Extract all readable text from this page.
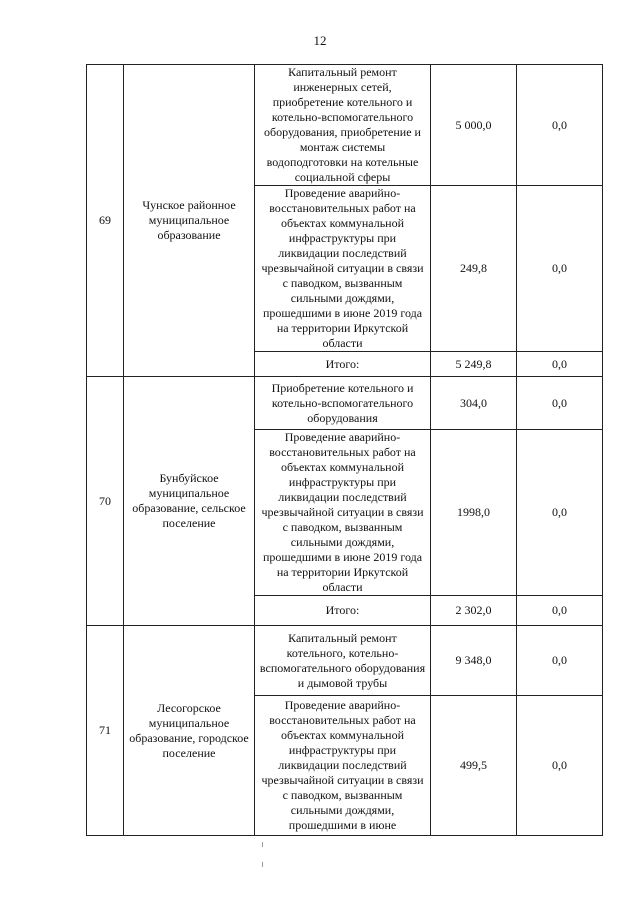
12
69	Чунское районное муниципальное образование	Капитальный ремонт инженерных сетей, приобретение котельного и котельно-вспомогательного оборудования, приобретение и монтаж системы водоподготовки на котельные социальной сферы	5 000,0	0,0
		Проведение аварийно-восстановительных работ на объектах коммунальной инфраструктуры при ликвидации последствий чрезвычайной ситуации в связи с паводком, вызванным сильными дождями, прошедшими в июне 2019 года на территории Иркутской области	249,8	0,0
		Итого:	5 249,8	0,0
70	Бунбуйское муниципальное образование, сельское поселение	Приобретение котельного и котельно-вспомогательного оборудования	304,0	0,0
		Проведение аварийно-восстановительных работ на объектах коммунальной инфраструктуры при ликвидации последствий чрезвычайной ситуации в связи с паводком, вызванным сильными дождями, прошедшими в июне 2019 года на территории Иркутской области	1998,0	0,0
		Итого:	2 302,0	0,0
71	Лесогорское муниципальное образование, городское поселение	Капитальный ремонт котельного, котельно-вспомогательного оборудования и дымовой трубы	9 348,0	0,0
		Проведение аварийно-восстановительных работ на объектах коммунальной инфраструктуры при ликвидации последствий чрезвычайной ситуации в связи с паводком, вызванным сильными дождями, прошедшими в июне	499,5	0,0
